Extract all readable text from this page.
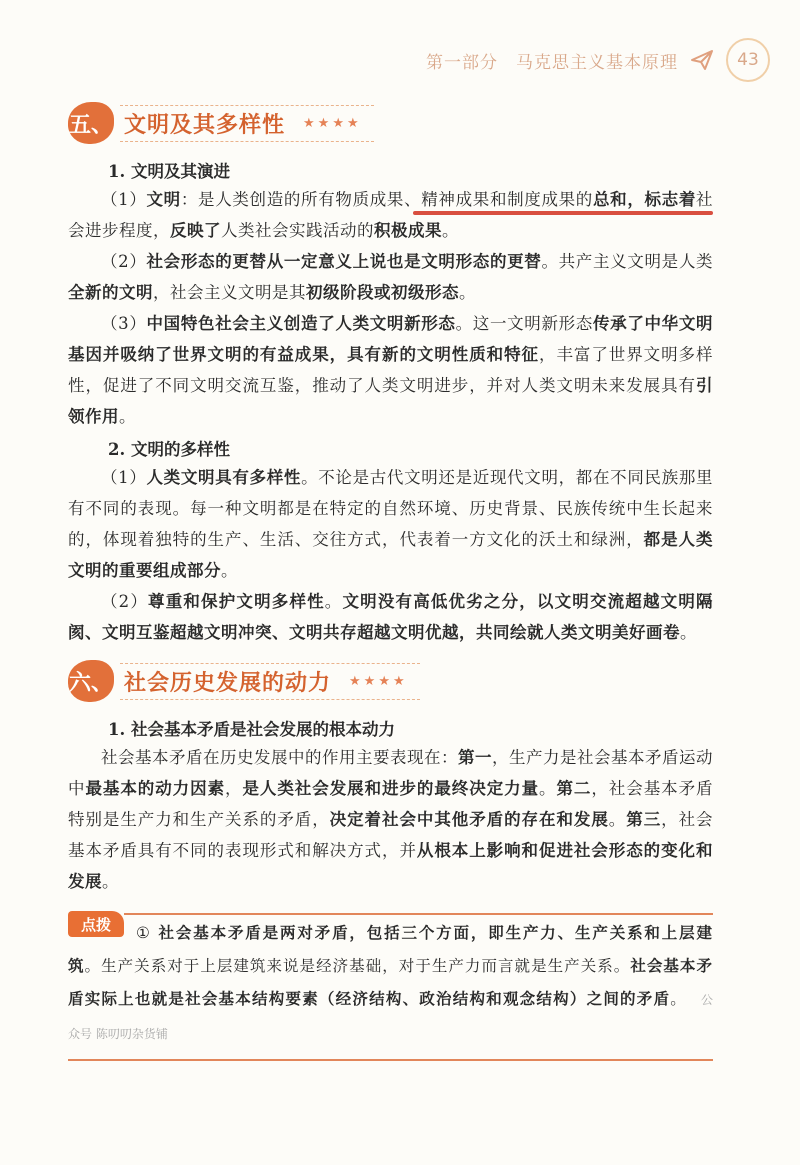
第一部分 马克思主义基本原理	43
五、 文明及其多样性 ★★★★
1. 文明及其演进

（1）文明：是人类创造的所有物质成果、精神成果和制度成果的总和，标志着社会进步程度，反映了人类社会实践活动的积极成果。

（2）社会形态的更替从一定意义上说也是文明形态的更替。共产主义文明是人类全新的文明，社会主义文明是其初级阶段或初级形态。

（3）中国特色社会主义创造了人类文明新形态。这一文明新形态传承了中华文明基因并吸纳了世界文明的有益成果，具有新的文明性质和特征，丰富了世界文明多样性，促进了不同文明交流互鉴，推动了人类文明进步，并对人类文明未来发展具有引领作用。

2. 文明的多样性

（1）人类文明具有多样性。不论是古代文明还是近现代文明，都在不同民族那里有不同的表现。每一种文明都是在特定的自然环境、历史背景、民族传统中生长起来的，体现着独特的生产、生活、交往方式，代表着一方文化的沃土和绿洲，都是人类文明的重要组成部分。

（2）尊重和保护文明多样性。文明没有高低优劣之分，以文明交流超越文明隔阂、文明互鉴超越文明冲突、文明共存超越文明优越，共同绘就人类文明美好画卷。

六、 社会历史发展的动力 ★★★★
1. 社会基本矛盾是社会发展的根本动力

社会基本矛盾在历史发展中的作用主要表现在：第一，生产力是社会基本矛盾运动中最基本的动力因素，是人类社会发展和进步的最终决定力量。第二，社会基本矛盾特别是生产力和生产关系的矛盾，决定着社会中其他矛盾的存在和发展。第三，社会基本矛盾具有不同的表现形式和解决方式，并从根本上影响和促进社会形态的变化和发展。

点拨	① 社会基本矛盾是两对矛盾，包括三个方面，即生产力、生产关系和上层建筑。生产关系对于上层建筑来说是经济基础，对于生产力而言就是生产关系。社会基本矛盾实际上也就是社会基本结构要素（经济结构、政治结构和观念结构）之间的矛盾。 公众号 陈叨叨杂货铺
